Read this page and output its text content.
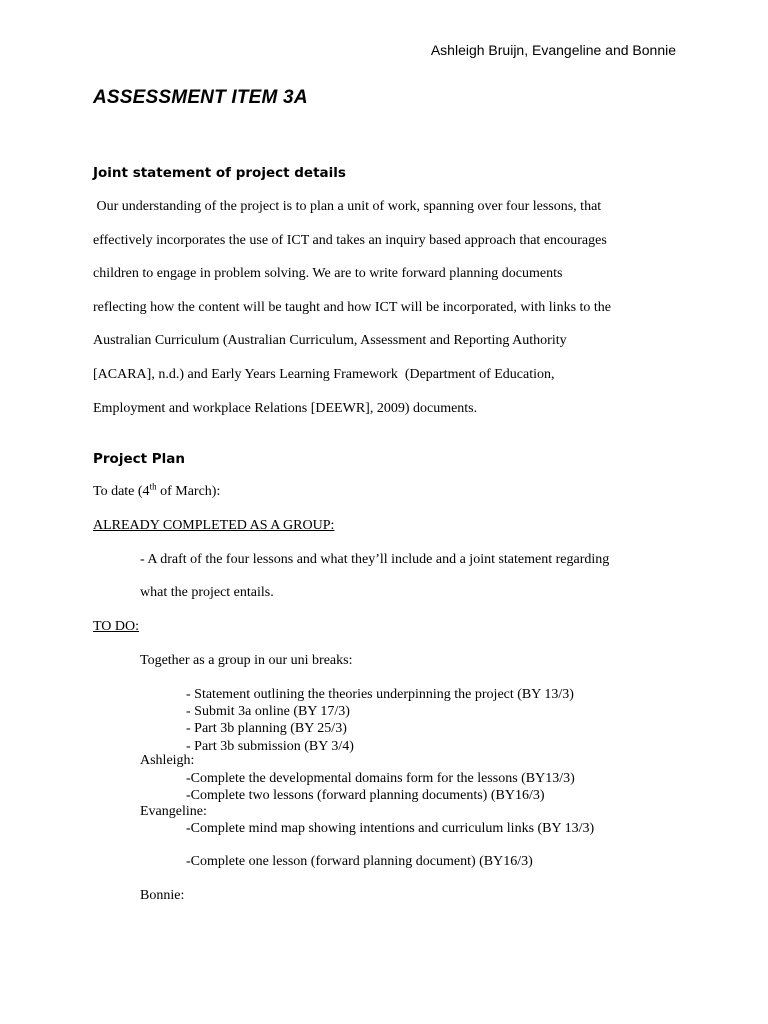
Ashleigh Bruijn, Evangeline and Bonnie
ASSESSMENT ITEM 3A
Joint statement of project details
Our understanding of the project is to plan a unit of work, spanning over four lessons, that
effectively incorporates the use of ICT and takes an inquiry based approach that encourages
children to engage in problem solving. We are to write forward planning documents
reflecting how the content will be taught and how ICT will be incorporated, with links to the
Australian Curriculum (Australian Curriculum, Assessment and Reporting Authority
[ACARA], n.d.) and Early Years Learning Framework  (Department of Education,
Employment and workplace Relations [DEEWR], 2009) documents.
Project Plan
To date (4th of March):
ALREADY COMPLETED AS A GROUP:
- A draft of the four lessons and what they’ll include and a joint statement regarding
what the project entails.
TO DO:
Together as a group in our uni breaks:
- Statement outlining the theories underpinning the project (BY 13/3)
- Submit 3a online (BY 17/3)
- Part 3b planning (BY 25/3)
- Part 3b submission (BY 3/4)
Ashleigh:
-Complete the developmental domains form for the lessons (BY13/3)
-Complete two lessons (forward planning documents) (BY16/3)
Evangeline:
-Complete mind map showing intentions and curriculum links (BY 13/3)
-Complete one lesson (forward planning document) (BY16/3)
Bonnie:
